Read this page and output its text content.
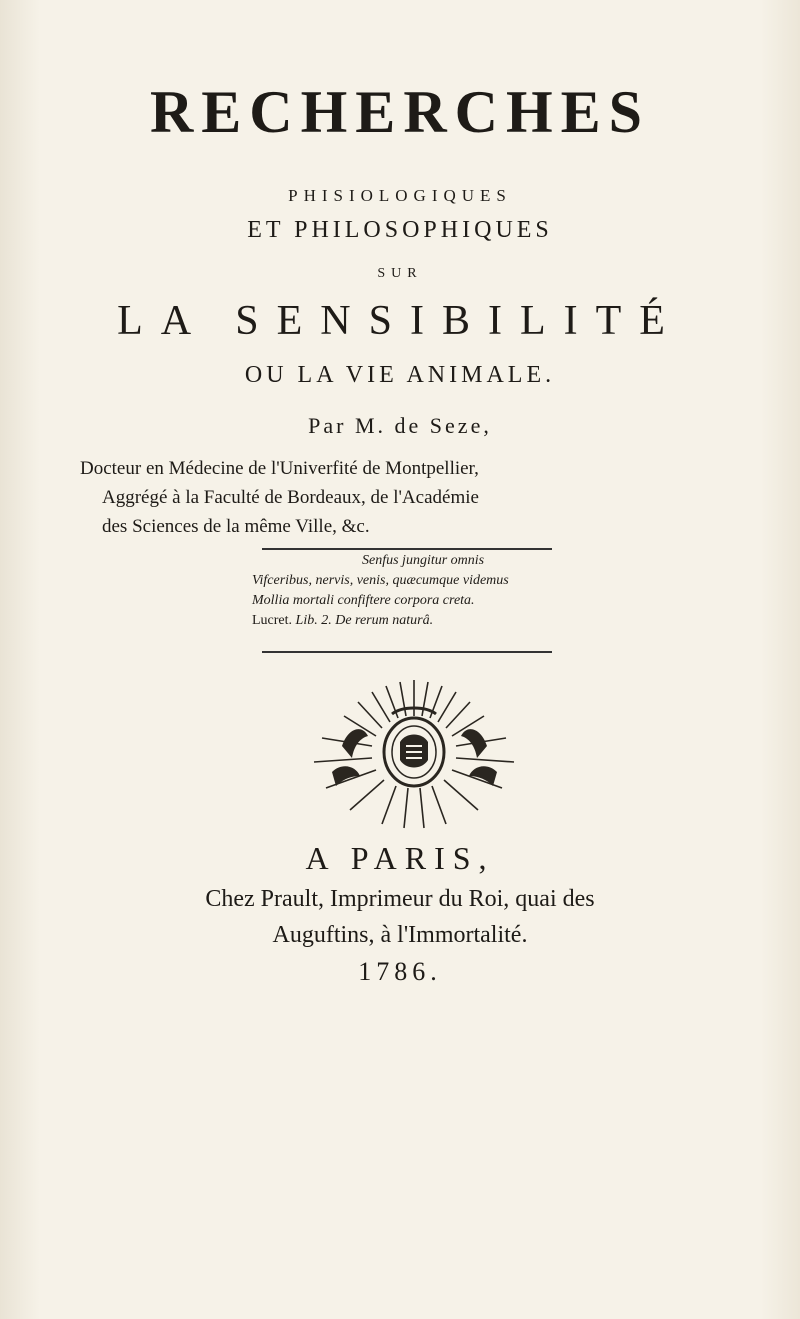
RECHERCHES
PHISIOLOGIQUES
ET PHILOSOPHIQUES
SUR
LA SENSIBILITÉ
OU LA VIE ANIMALE.
Par M. de Seze,
Docteur en Médecine de l'Univerfité de Montpellier,
Aggrégé à la Faculté de Bordeaux, de l'Académie
des Sciences de la même Ville, &c.
Senfus jungitur omnis
Vifceribus, nervis, venis, quæcumque videmus
Mollia mortali confiftere corpora creta.
Lucret. Lib. 2. De rerum naturâ.
A PARIS,
Chez Prault, Imprimeur du Roi, quai des
Auguftins, à l'Immortalité.
1786.
